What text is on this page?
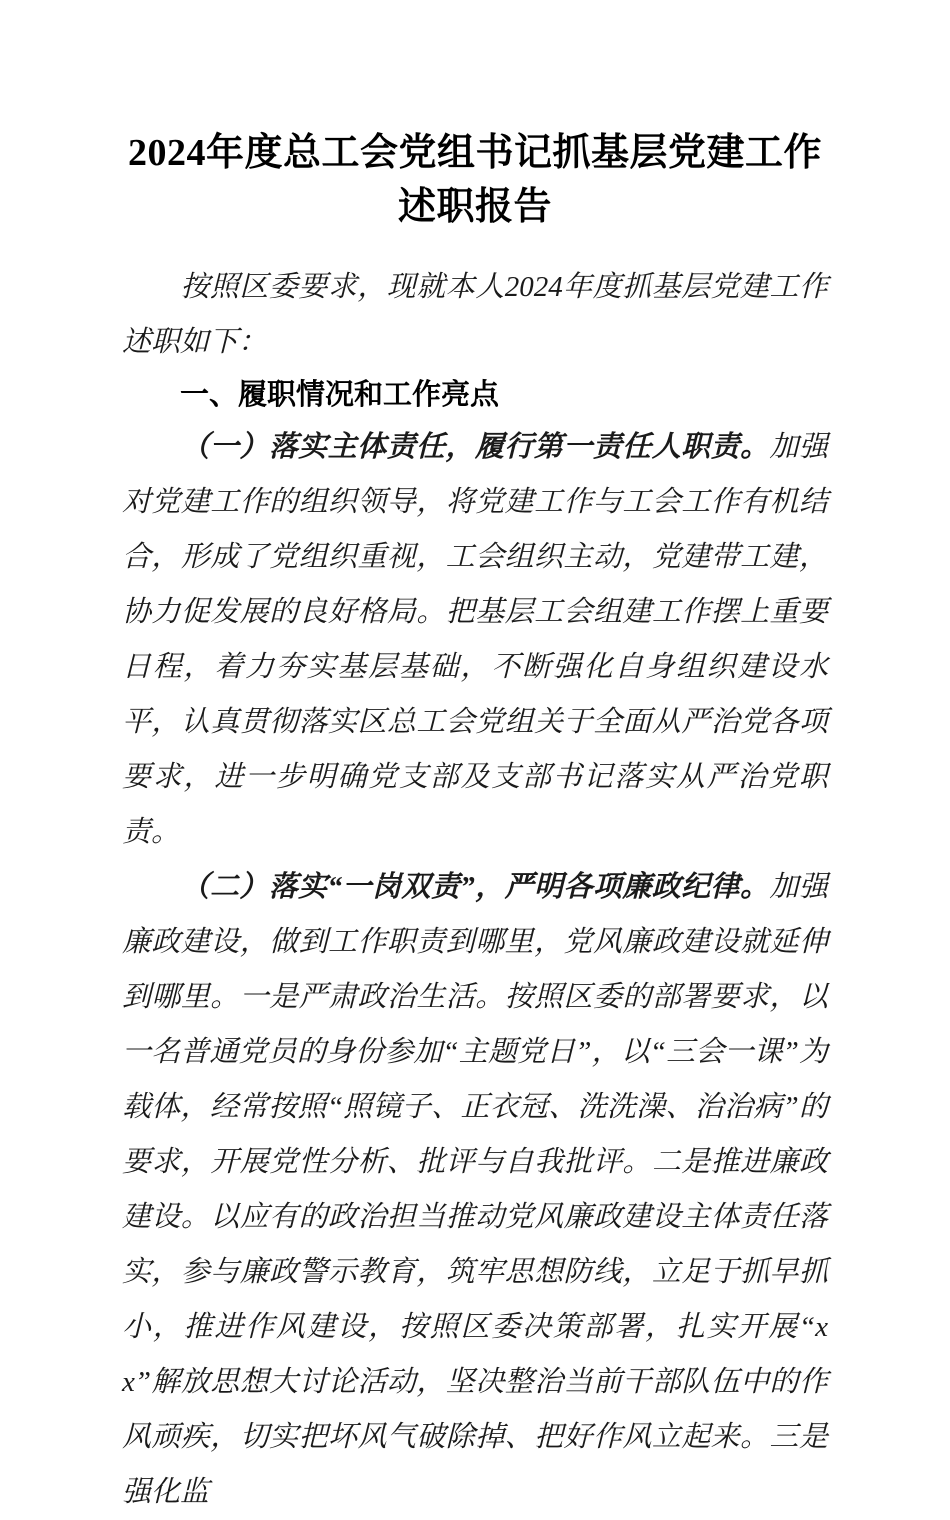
2024年度总工会党组书记抓基层党建工作述职报告

按照区委要求，现就本人2024年度抓基层党建工作述职如下：

一、履职情况和工作亮点

（一）落实主体责任，履行第一责任人职责。加强对党建工作的组织领导，将党建工作与工会工作有机结合，形成了党组织重视，工会组织主动，党建带工建，协力促发展的良好格局。把基层工会组建工作摆上重要日程，着力夯实基层基础，不断强化自身组织建设水平，认真贯彻落实区总工会党组关于全面从严治党各项要求，进一步明确党支部及支部书记落实从严治党职责。

（二）落实“一岗双责”，严明各项廉政纪律。加强廉政建设，做到工作职责到哪里，党风廉政建设就延伸到哪里。一是严肃政治生活。按照区委的部署要求，以一名普通党员的身份参加“主题党日”，以“三会一课”为载体，经常按照“照镜子、正衣冠、洗洗澡、治治病”的要求，开展党性分析、批评与自我批评。二是推进廉政建设。以应有的政治担当推动党风廉政建设主体责任落实，参与廉政警示教育，筑牢思想防线，立足于抓早抓小，推进作风建设，按照区委决策部署，扎实开展“xx”解放思想大讨论活动，坚决整治当前干部队伍中的作风顽疾，切实把坏风气破除掉、把好作风立起来。三是强化监
